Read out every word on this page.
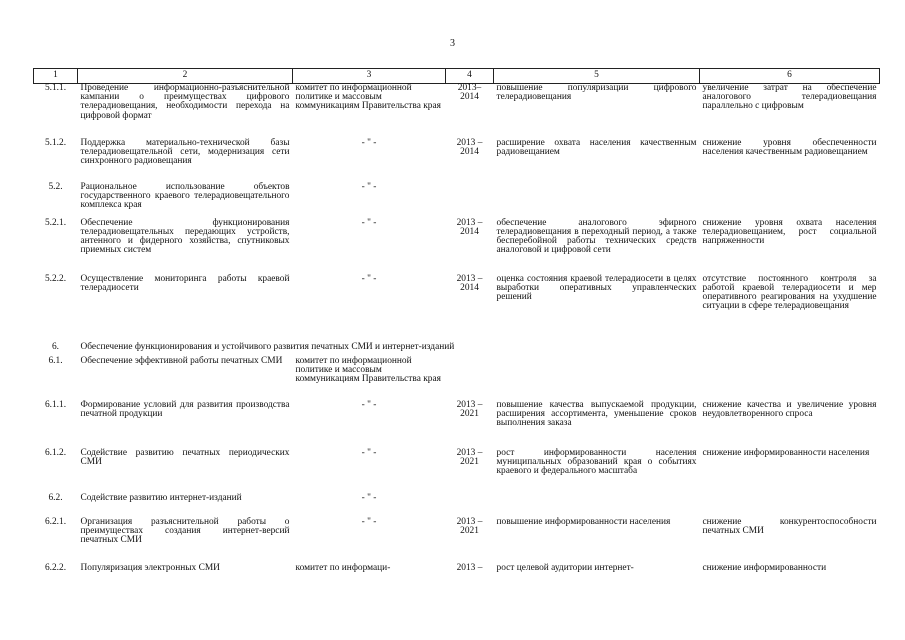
3
1	2	3	4	5	6
5.1.1.	Проведение информационно-разъяснительной кампании о преимуществах цифрового телерадиовещания, необходимости перехода на цифровой формат	комитет по информационной политике и массовым коммуникациям Правительства края	2013–2014	повышение популяризации цифрового телерадиовещания	увеличение затрат на обеспечение аналогового телерадиовещания параллельно с цифровым
5.1.2.	Поддержка материально-технической базы телерадиовещательной сети, модернизация сети синхронного радиовещания	- " -	2013 – 2014	расширение охвата населения качественным радиовещанием	снижение уровня обеспеченности населения качественным радиовещанием
5.2.	Рациональное использование объектов государственного краевого телерадиовещательного комплекса края	- " -			
5.2.1.	Обеспечение функционирования телерадиовещательных передающих устройств, антенного и фидерного хозяйства, спутниковых приемных систем	- " -	2013 – 2014	обеспечение аналогового эфирного телерадиовещания в переходный период, а также бесперебойной работы технических средств аналоговой и цифровой сети	снижение уровня охвата населения телерадиовещанием, рост социальной напряженности
5.2.2.	Осуществление мониторинга работы краевой телерадиосети	- " -	2013 – 2014	оценка состояния краевой телерадиосети в целях выработки оперативных управленческих решений	отсутствие постоянного контроля за работой краевой телерадиосети и мер оперативного реагирования на ухудшение ситуации в сфере телерадиовещания
6.	Обеспечение функционирования и устойчивого развития печатных СМИ и интернет-изданий				
6.1.	Обеспечение эффективной работы печатных СМИ	комитет по информационной политике и массовым коммуникациям Правительства края			
6.1.1.	Формирование условий для развития производства печатной продукции	- " -	2013 – 2021	повышение качества выпускаемой продукции, расширения ассортимента, уменьшение сроков выполнения заказа	снижение качества и увеличение уровня неудовлетворенного спроса
6.1.2.	Содействие развитию печатных периодических СМИ	- " -	2013 – 2021	рост информированности населения муниципальных образований края о событиях краевого и федерального масштаба	снижение информированности населения
6.2.	Содействие развитию интернет-изданий	- " -			
6.2.1.	Организация разъяснительной работы о преимуществах создания интернет-версий печатных СМИ	- " -	2013 – 2021	повышение информированности населения	снижение конкурентоспособности печатных СМИ
6.2.2.	Популяризация электронных СМИ	комитет по информаци-	2013 –	рост целевой аудитории интернет-	снижение информированности
